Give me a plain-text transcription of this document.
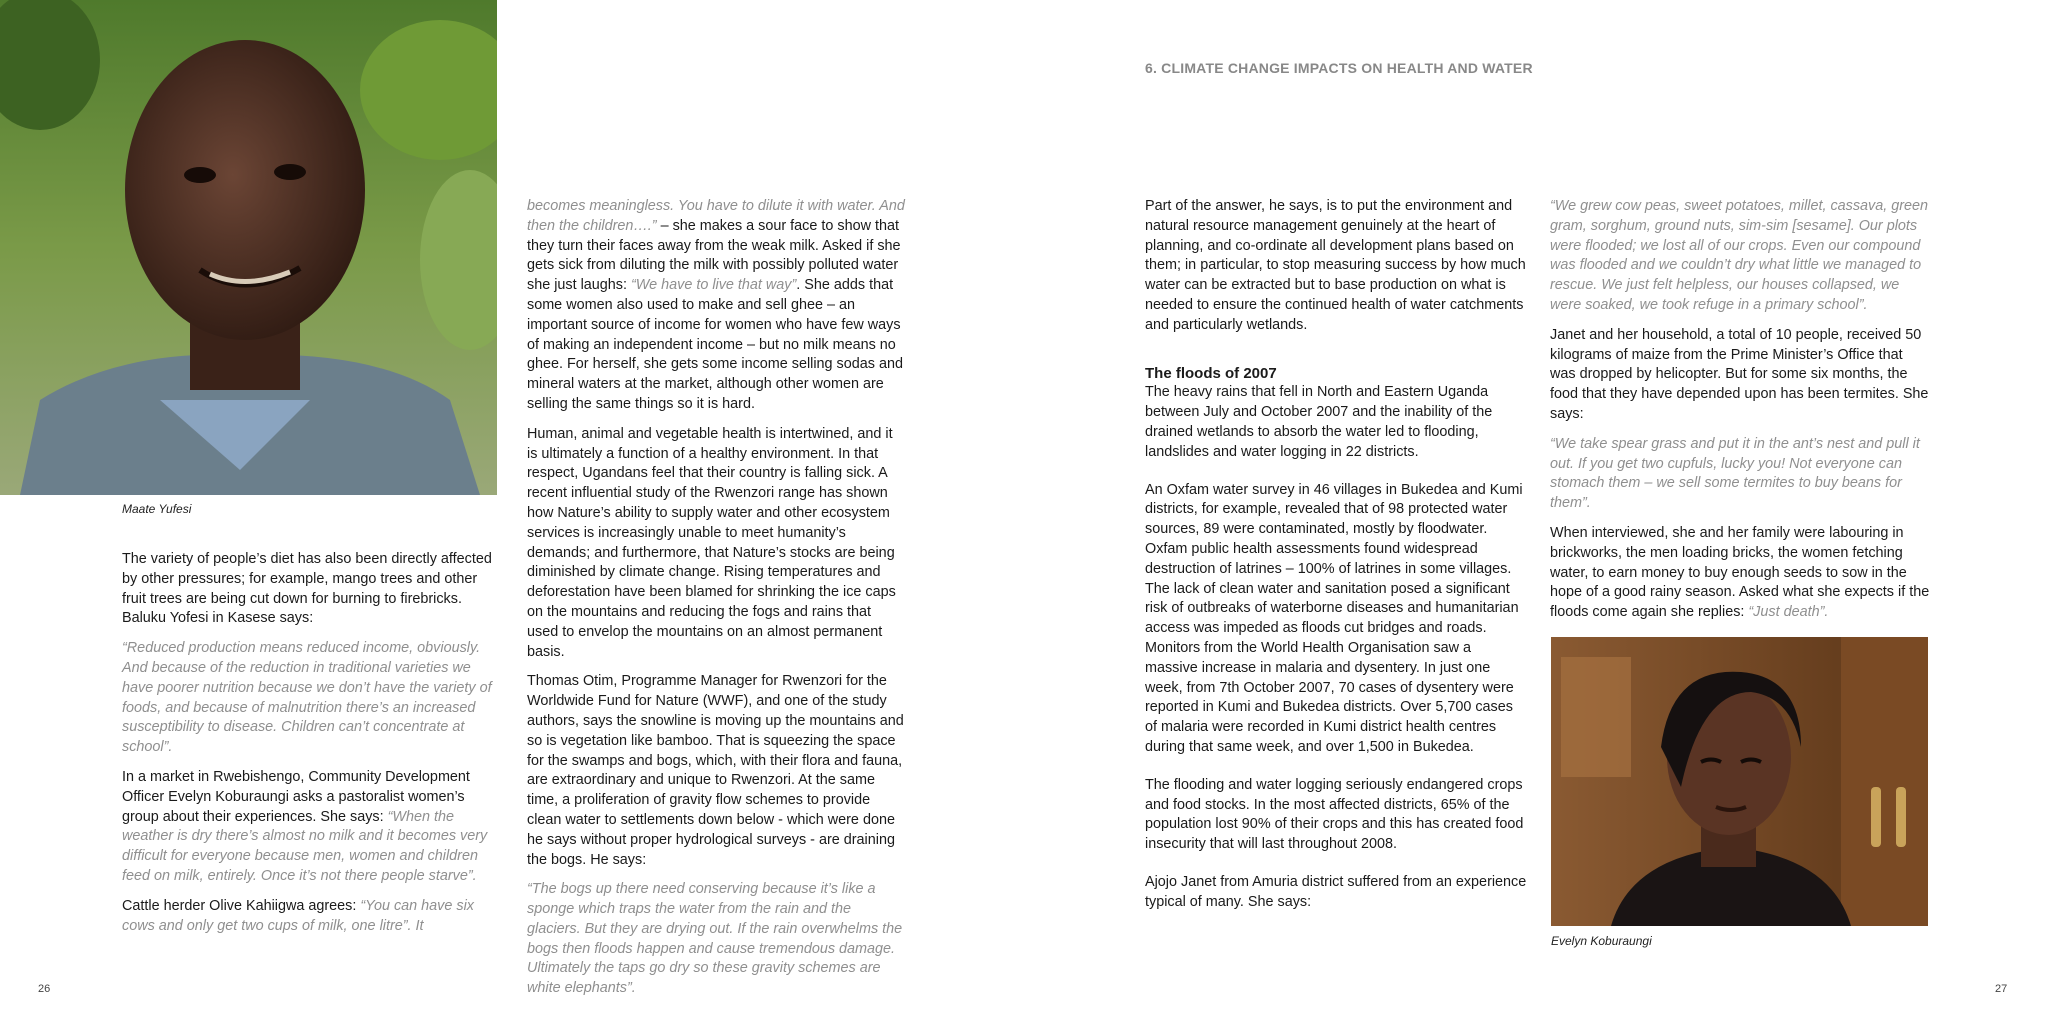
Maate Yufesi
6. CLIMATE CHANGE IMPACTS ON HEALTH AND WATER

The variety of people’s diet has also been directly affected by other pressures; for example, mango trees and other fruit trees are being cut down for burning to firebricks. Baluku Yofesi in Kasese says:

“Reduced production means reduced income, obviously. And because of the reduction in traditional varieties we have poorer nutrition because we don’t have the variety of foods, and because of malnutrition there’s an increased susceptibility to disease. Children can’t concentrate at school”.

In a market in Rwebishengo, Community Development Officer Evelyn Koburaungi asks a pastoralist women’s group about their experiences. She says: “When the weather is dry there’s almost no milk and it becomes very difficult for everyone because men, women and children feed on milk, entirely. Once it’s not there people starve”.

Cattle herder Olive Kahiigwa agrees: “You can have six cows and only get two cups of milk, one litre”. It

becomes meaningless. You have to dilute it with water. And then the children….” – she makes a sour face to show that they turn their faces away from the weak milk. Asked if she gets sick from diluting the milk with possibly polluted water she just laughs: “We have to live that way”. She adds that some women also used to make and sell ghee – an important source of income for women who have few ways of making an independent income – but no milk means no ghee. For herself, she gets some income selling sodas and mineral waters at the market, although other women are selling the same things so it is hard.

Human, animal and vegetable health is intertwined, and it is ultimately a function of a healthy environment. In that respect, Ugandans feel that their country is falling sick. A recent influential study of the Rwenzori range has shown how Nature’s ability to supply water and other ecosystem services is increasingly unable to meet humanity’s demands; and furthermore, that Nature’s stocks are being diminished by climate change. Rising temperatures and deforestation have been blamed for shrinking the ice caps on the mountains and reducing the fogs and rains that used to envelop the mountains on an almost permanent basis.

Thomas Otim, Programme Manager for Rwenzori for the Worldwide Fund for Nature (WWF), and one of the study authors, says the snowline is moving up the mountains and so is vegetation like bamboo. That is squeezing the space for the swamps and bogs, which, with their flora and fauna, are extraordinary and unique to Rwenzori. At the same time, a proliferation of gravity flow schemes to provide clean water to settlements down below - which were done he says without proper hydrological surveys - are draining the bogs. He says:

“The bogs up there need conserving because it’s like a sponge which traps the water from the rain and the glaciers. But they are drying out. If the rain overwhelms the bogs then floods happen and cause tremendous damage. Ultimately the taps go dry so these gravity schemes are white elephants”.

Part of the answer, he says, is to put the environment and natural resource management genuinely at the heart of planning, and co-ordinate all development plans based on them; in particular, to stop measuring success by how much water can be extracted but to base production on what is needed to ensure the continued health of water catchments and particularly wetlands.

The floods of 2007

The heavy rains that fell in North and Eastern Uganda between July and October 2007 and the inability of the drained wetlands to absorb the water led to flooding, landslides and water logging in 22 districts.

An Oxfam water survey in 46 villages in Bukedea and Kumi districts, for example, revealed that of 98 protected water sources, 89 were contaminated, mostly by floodwater. Oxfam public health assessments found widespread destruction of latrines – 100% of latrines in some villages. The lack of clean water and sanitation posed a significant risk of outbreaks of waterborne diseases and humanitarian access was impeded as floods cut bridges and roads. Monitors from the World Health Organisation saw a massive increase in malaria and dysentery. In just one week, from 7th October 2007, 70 cases of dysentery were reported in Kumi and Bukedea districts. Over 5,700 cases of malaria were recorded in Kumi district health centres during that same week, and over 1,500 in Bukedea.

The flooding and water logging seriously endangered crops and food stocks. In the most affected districts, 65% of the population lost 90% of their crops and this has created food insecurity that will last throughout 2008.

Ajojo Janet from Amuria district suffered from an experience typical of many. She says:

“We grew cow peas, sweet potatoes, millet, cassava, green gram, sorghum, ground nuts, sim-sim [sesame]. Our plots were flooded; we lost all of our crops. Even our compound was flooded and we couldn’t dry what little we managed to rescue. We just felt helpless, our houses collapsed, we were soaked, we took refuge in a primary school”.

Janet and her household, a total of 10 people, received 50 kilograms of maize from the Prime Minister’s Office that was dropped by helicopter. But for some six months, the food that they have depended upon has been termites. She says:

“We take spear grass and put it in the ant’s nest and pull it out. If you get two cupfuls, lucky you! Not everyone can stomach them – we sell some termites to buy beans for them”.

When interviewed, she and her family were labouring in brickworks, the men loading bricks, the women fetching water, to earn money to buy enough seeds to sow in the hope of a good rainy season. Asked what she expects if the floods come again she replies: “Just death”.

Evelyn Koburaungi
26	27
